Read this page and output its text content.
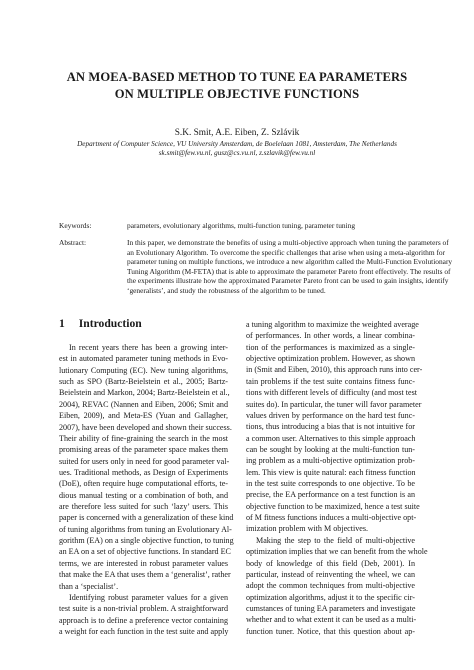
AN MOEA-BASED METHOD TO TUNE EA PARAMETERS
ON MULTIPLE OBJECTIVE FUNCTIONS
S.K. Smit, A.E. Eiben, Z. Szlávik
Department of Computer Science, VU University Amsterdam, de Boelelaan 1081, Amsterdam, The Netherlands
sk.smit@few.vu.nl, gusz@cs.vu.nl, z.szlavik@few.vu.nl
Keywords:	parameters, evolutionary algorithms, multi-function tuning, parameter tuning
Abstract:	In this paper, we demonstrate the benefits of using a multi-objective approach when tuning the parameters of
an Evolutionary Algorithm. To overcome the specific challenges that arise when using a meta-algorithm for
parameter tuning on multiple functions, we introduce a new algorithm called the Multi-Function Evolutionary
Tuning Algorithm (M-FETA) that is able to approximate the parameter Pareto front effectively. The results of
the experiments illustrate how the approximated Parameter Pareto front can be used to gain insights, identify
‘generalists’, and study the robustness of the algorithm to be tuned.
1 Introduction
In recent years there has been a growing inter-
est in automated parameter tuning methods in Evo-
lutionary Computing (EC). New tuning algorithms,
such as SPO (Bartz-Beielstein et al., 2005; Bartz-
Beielstein and Markon, 2004; Bartz-Beielstein et al.,
2004), REVAC (Nannen and Eiben, 2006; Smit and
Eiben, 2009), and Meta-ES (Yuan and Gallagher,
2007), have been developed and shown their success.
Their ability of fine-graining the search in the most
promising areas of the parameter space makes them
suited for users only in need for good parameter val-
ues. Traditional methods, as Design of Experiments
(DoE), often require huge computational efforts, te-
dious manual testing or a combination of both, and
are therefore less suited for such ‘lazy’ users. This
paper is concerned with a generalization of these kind
of tuning algorithms from tuning an Evolutionary Al-
gorithm (EA) on a single objective function, to tuning
an EA on a set of objective functions. In standard EC
terms, we are interested in robust parameter values
that make the EA that uses them a ‘generalist’, rather
than a ‘specialist’.
Identifying robust parameter values for a given
test suite is a non-trivial problem. A straightforward
approach is to define a preference vector containing
a weight for each function in the test suite and apply
a tuning algorithm to maximize the weighted average
of performances. In other words, a linear combina-
tion of the performances is maximized as a single-
objective optimization problem. However, as shown
in (Smit and Eiben, 2010), this approach runs into cer-
tain problems if the test suite contains fitness func-
tions with different levels of difficulty (and most test
suites do). In particular, the tuner will favor parameter
values driven by performance on the hard test func-
tions, thus introducing a bias that is not intuitive for
a common user. Alternatives to this simple approach
can be sought by looking at the multi-function tun-
ing problem as a multi-objective optimization prob-
lem. This view is quite natural: each fitness function
in the test suite corresponds to one objective. To be
precise, the EA performance on a test function is an
objective function to be maximized, hence a test suite
of M fitness functions induces a multi-objective opt-
imization problem with M objectives.
Making the step to the field of multi-objective
optimization implies that we can benefit from the whole
body of knowledge of this field (Deb, 2001). In
particular, instead of reinventing the wheel, we can
adopt the common techniques from multi-objective
optimization algorithms, adjust it to the specific cir-
cumstances of tuning EA parameters and investigate
whether and to what extent it can be used as a multi-
function tuner. Notice, that this question about ap-
